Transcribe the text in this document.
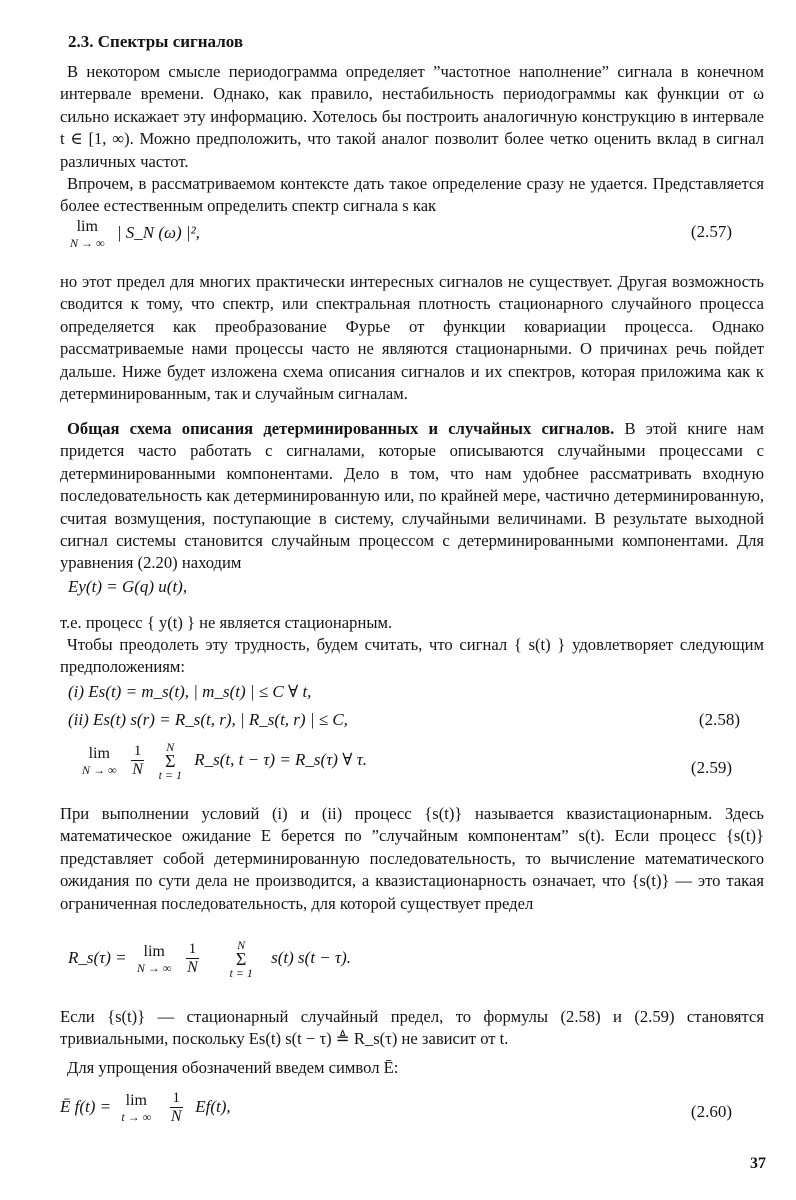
2.3. Спектры сигналов

В некотором смысле периодограмма определяет ”частотное наполнение” сигнала в конечном интервале времени. Однако, как правило, нестабильность периодограммы как функции от ω сильно искажает эту информацию. Хотелось бы построить аналогичную конструкцию в интервале t ∈ [1, ∞). Можно предположить, что такой аналог позволит более четко оценить вклад в сигнал различных частот.

Впрочем, в рассматриваемом контексте дать такое определение сразу не удается. Представляется более естественным определить спектр сигнала s как

lim
N → ∞
| S_N (ω) |²,	(2.57)

но этот предел для многих практически интересных сигналов не существует. Другая возможность сводится к тому, что спектр, или спектральная плотность стационарного случайного процесса определяется как преобразование Фурье от функции ковариации процесса. Однако рассматриваемые нами процессы часто не являются стационарными. О причинах речь пойдет дальше. Ниже будет изложена схема описания сигналов и их спектров, которая приложима как к детерминированным, так и случайным сигналам.

Общая схема описания детерминированных и случайных сигналов. В этой книге нам придется часто работать с сигналами, которые описываются случайными процессами с детерминированными компонентами. Дело в том, что нам удобнее рассматривать входную последовательность как детерминированную или, по крайней мере, частично детерминированную, считая возмущения, поступающие в систему, случайными величинами. В результате выходной сигнал системы становится случайным процессом с детерминированными компонентами. Для уравнения (2.20) находим

Ey(t) = G(q) u(t),

т.е. процесс { y(t) } не является стационарным.

Чтобы преодолеть эту трудность, будем считать, что сигнал { s(t) } удовлетворяет следующим предположениям:

(i) Es(t) = m_s(t), | m_s(t) | ≤ C ∀ t,
(ii) Es(t) s(r) = R_s(t, r), | R_s(t, r) | ≤ C,	(2.58)
lim
N → ∞
$\frac{1}{N}$
	N
Σ
t = 1
R_s(t, t − τ) = R_s(τ) ∀ τ.	(2.59)

При выполнении условий (i) и (ii) процесс {s(t)} называется квазистационарным. Здесь математическое ожидание E берется по ”случайным компонентам” s(t). Если процесс {s(t)} представляет собой детерминированную последовательность, то вычисление математического ожидания по сути дела не производится, а квазистационарность означает, что {s(t)} — это такая ограниченная последовательность, для которой существует предел

R_s(τ) =	lim
N → ∞
$\frac{1}{N}$
	N
Σ
t = 1
s(t) s(t − τ).

Если {s(t)} — стационарный случайный предел, то формулы (2.58) и (2.59) становятся тривиальными, поскольку Es(t) s(t − τ) ≜ R_s(τ) не зависит от t.

Для упрощения обозначений введем символ Ē:

Ē f(t) = lim
t → ∞
$\frac{1}{N} Ef(t)$,	(2.60)
37
